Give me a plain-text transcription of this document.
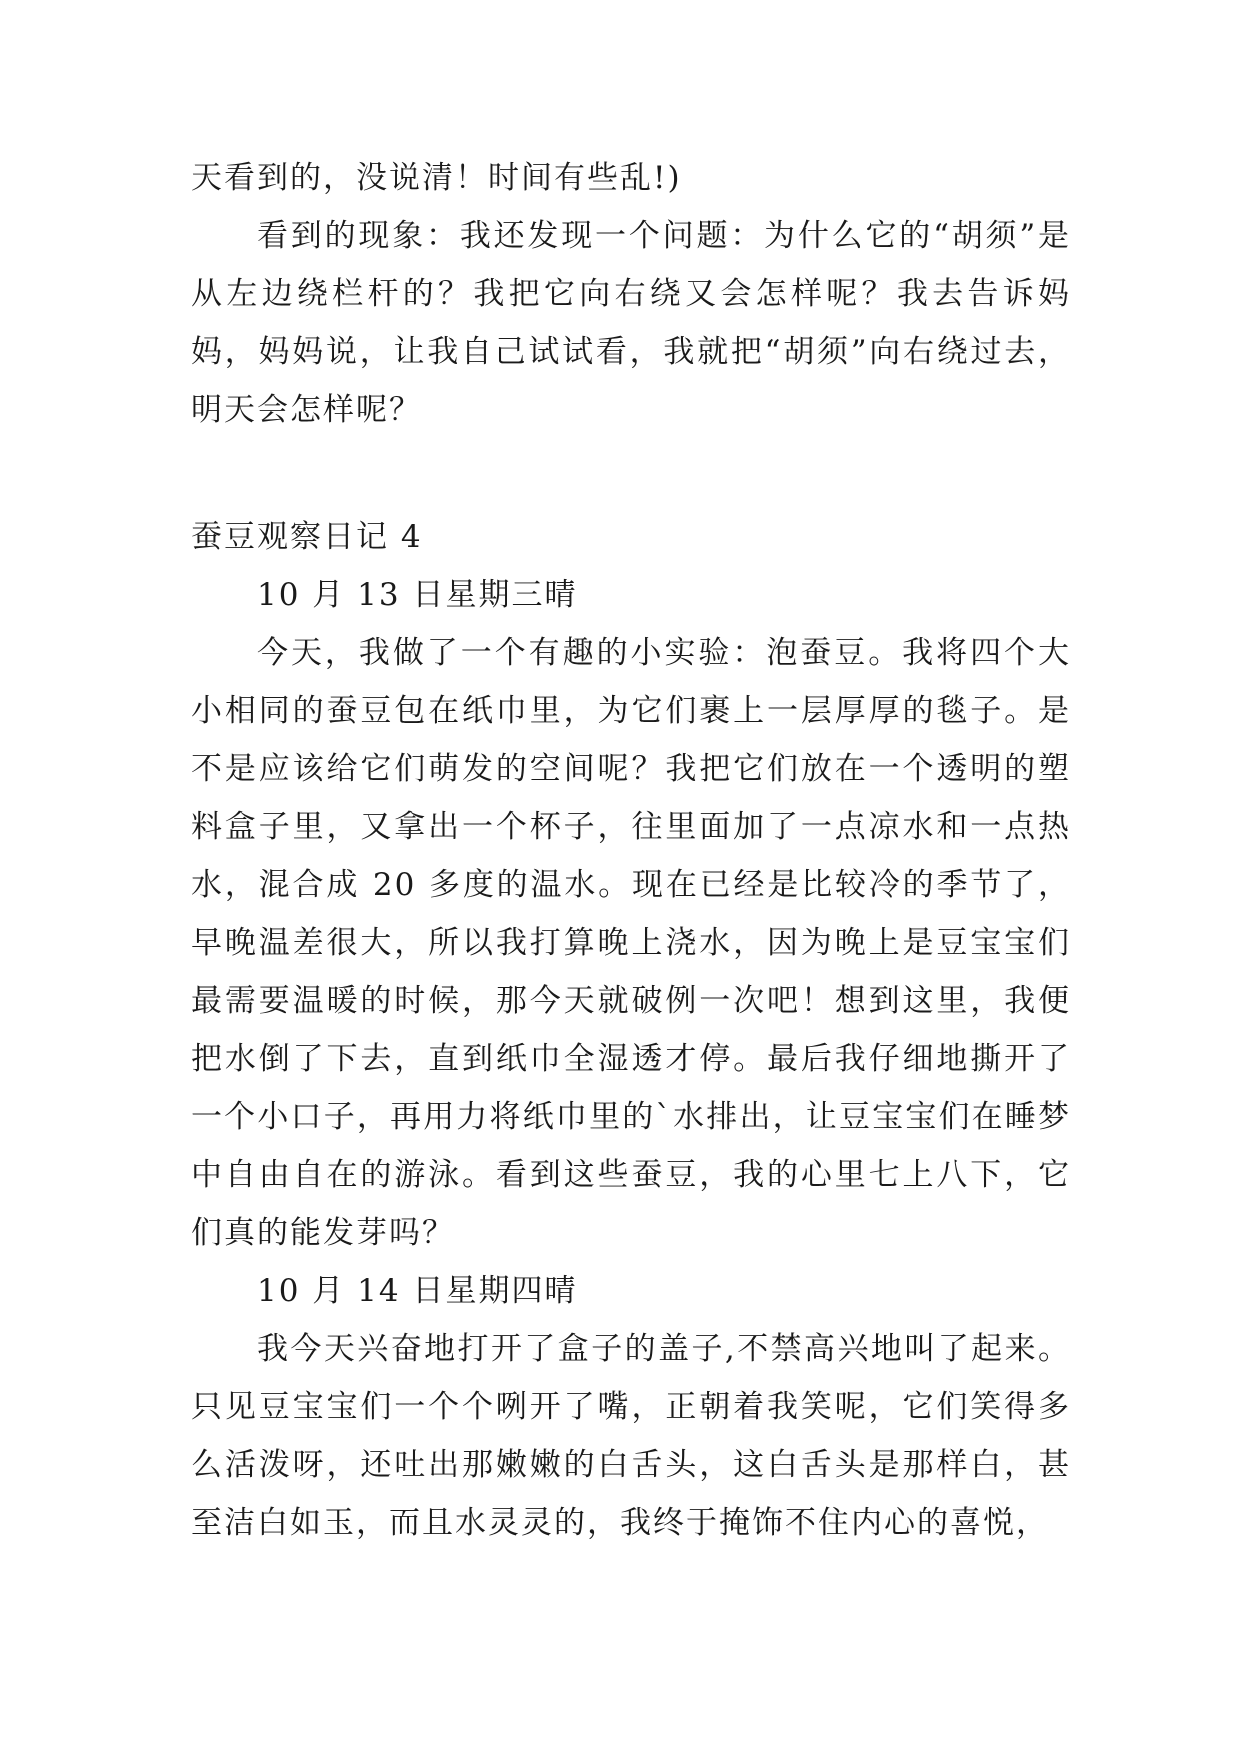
天看到的，没说清！时间有些乱!)

看到的现象：我还发现一个问题：为什么它的“胡须”是从左边绕栏杆的？我把它向右绕又会怎样呢？我去告诉妈妈，妈妈说，让我自己试试看，我就把“胡须”向右绕过去，明天会怎样呢？

蚕豆观察日记 4

10 月 13 日星期三晴

今天，我做了一个有趣的小实验：泡蚕豆。我将四个大小相同的蚕豆包在纸巾里，为它们裹上一层厚厚的毯子。是不是应该给它们萌发的空间呢？我把它们放在一个透明的塑料盒子里，又拿出一个杯子，往里面加了一点凉水和一点热水，混合成 20 多度的温水。现在已经是比较冷的季节了，早晚温差很大，所以我打算晚上浇水，因为晚上是豆宝宝们最需要温暖的时候，那今天就破例一次吧！想到这里，我便把水倒了下去，直到纸巾全湿透才停。最后我仔细地撕开了一个小口子，再用力将纸巾里的`水排出，让豆宝宝们在睡梦中自由自在的游泳。看到这些蚕豆，我的心里七上八下，它们真的能发芽吗？

10 月 14 日星期四晴

我今天兴奋地打开了盒子的盖子,不禁高兴地叫了起来。只见豆宝宝们一个个咧开了嘴，正朝着我笑呢，它们笑得多么活泼呀，还吐出那嫩嫩的白舌头，这白舌头是那样白，甚至洁白如玉，而且水灵灵的，我终于掩饰不住内心的喜悦，
